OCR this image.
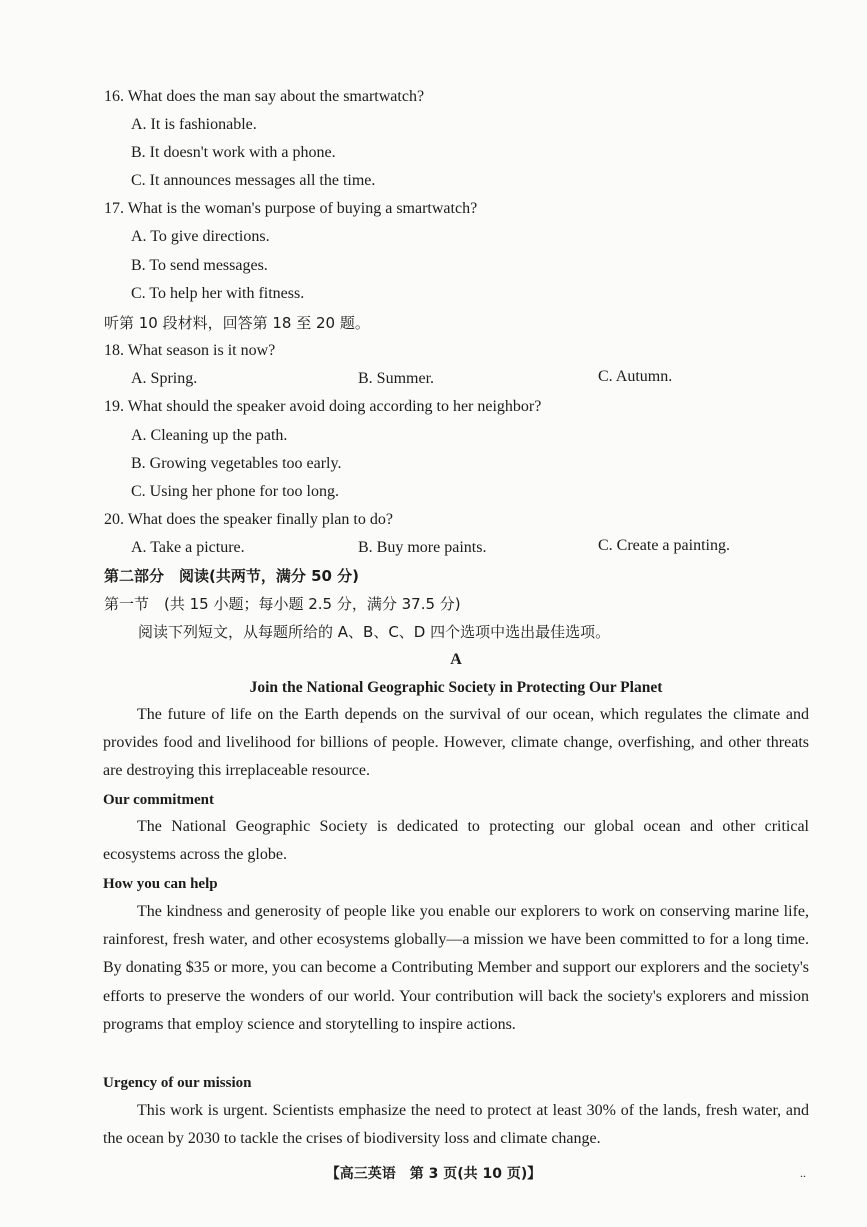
16. What does the man say about the smartwatch?
A. It is fashionable.
B. It doesn't work with a phone.
C. It announces messages all the time.
17. What is the woman's purpose of buying a smartwatch?
A. To give directions.
B. To send messages.
C. To help her with fitness.
听第 10 段材料，回答第 18 至 20 题。
18. What season is it now?
A. Spring.	B. Summer.	C. Autumn.
19. What should the speaker avoid doing according to her neighbor?
A. Cleaning up the path.
B. Growing vegetables too early.
C. Using her phone for too long.
20. What does the speaker finally plan to do?
A. Take a picture.	B. Buy more paints.	C. Create a painting.
第二部分　阅读(共两节，满分 50 分)
第一节　(共 15 小题；每小题 2.5 分，满分 37.5 分)
阅读下列短文，从每题所给的 A、B、C、D 四个选项中选出最佳选项。
A
Join the National Geographic Society in Protecting Our Planet
The future of life on the Earth depends on the survival of our ocean, which regulates the climate and provides food and livelihood for billions of people. However, climate change, overfishing, and other threats are destroying this irreplaceable resource.
Our commitment
The National Geographic Society is dedicated to protecting our global ocean and other critical ecosystems across the globe.
How you can help
The kindness and generosity of people like you enable our explorers to work on conserving marine life, rainforest, fresh water, and other ecosystems globally—a mission we have been committed to for a long time. By donating $35 or more, you can become a Contributing Member and support our explorers and the society's efforts to preserve the wonders of our world. Your contribution will back the society's explorers and mission programs that employ science and storytelling to inspire actions.
Urgency of our mission
This work is urgent. Scientists emphasize the need to protect at least 30% of the lands, fresh water, and the ocean by 2030 to tackle the crises of biodiversity loss and climate change.
【高三英语　第 3 页(共 10 页)】	..
